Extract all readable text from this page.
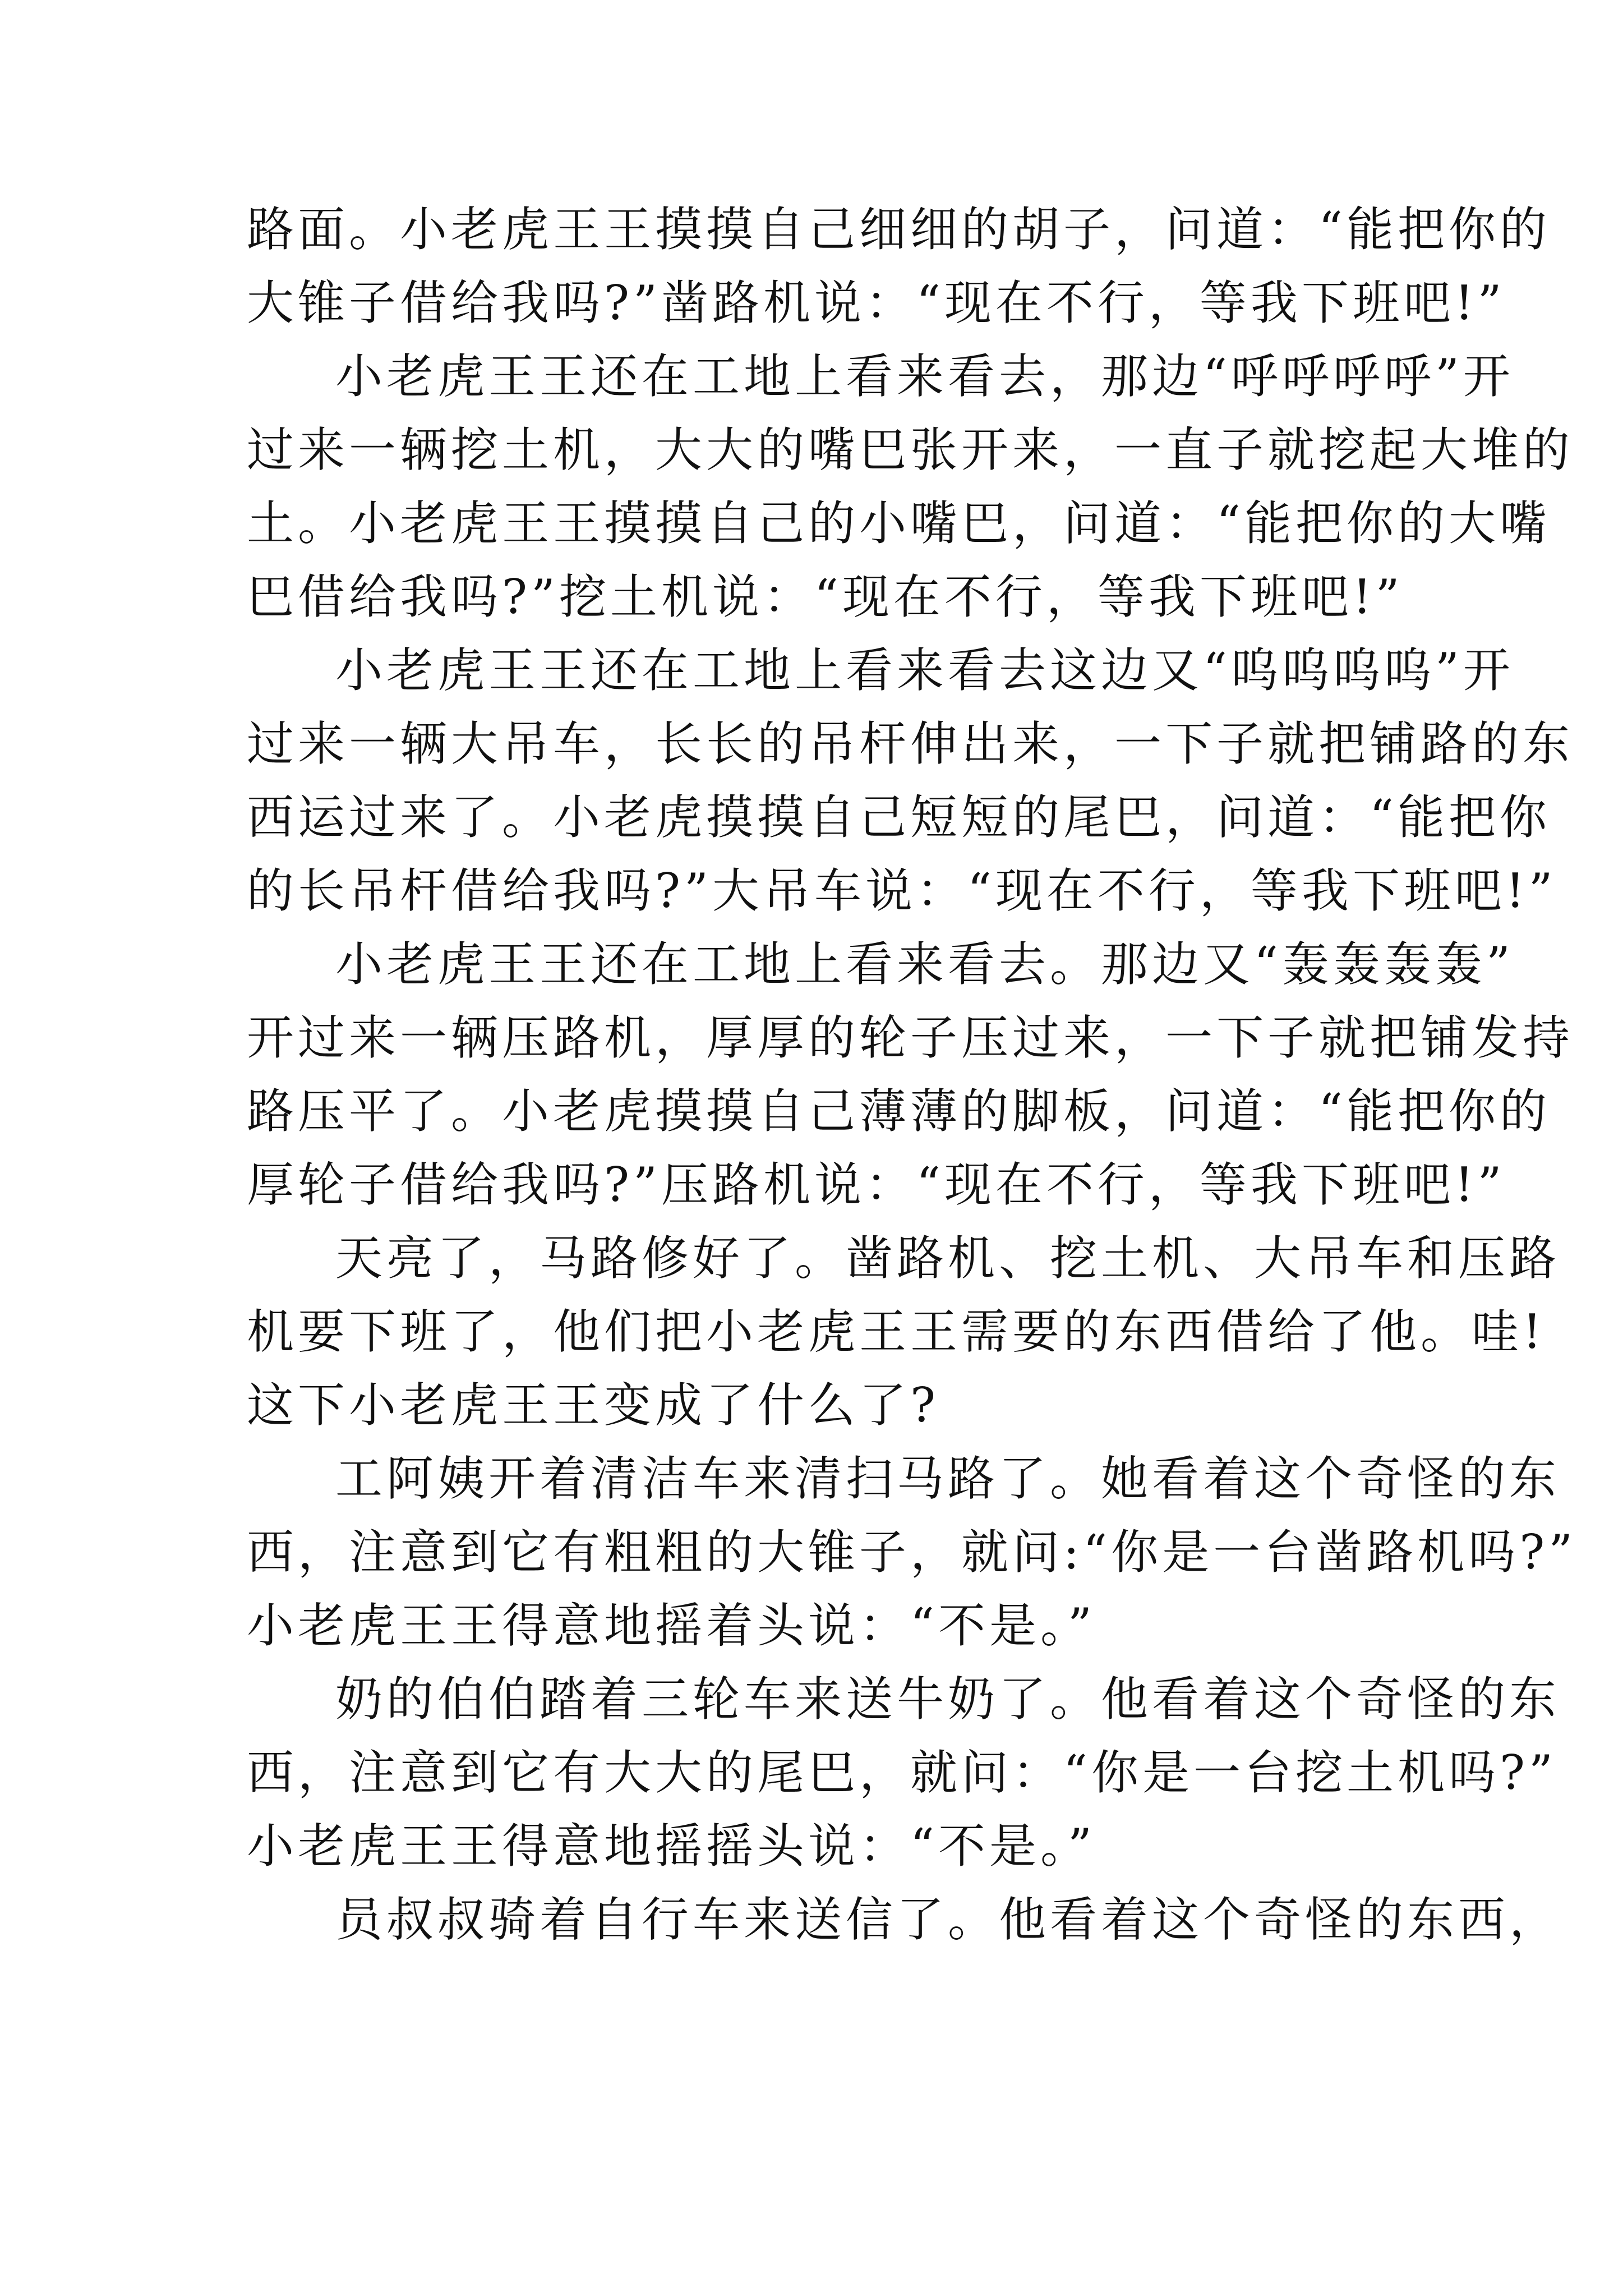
路面。小老虎王王摸摸自己细细的胡子，问道：“能把你的
大锥子借给我吗?”凿路机说：“现在不行，等我下班吧!”
小老虎王王还在工地上看来看去，那边“呼呼呼呼”开
过来一辆挖土机，大大的嘴巴张开来，一直子就挖起大堆的
土。小老虎王王摸摸自己的小嘴巴，问道：“能把你的大嘴
巴借给我吗?”挖土机说：“现在不行，等我下班吧!”
小老虎王王还在工地上看来看去这边又“呜呜呜呜”开
过来一辆大吊车，长长的吊杆伸出来，一下子就把铺路的东
西运过来了。小老虎摸摸自己短短的尾巴，问道：“能把你
的长吊杆借给我吗?”大吊车说：“现在不行，等我下班吧!”
小老虎王王还在工地上看来看去。那边又“轰轰轰轰”
开过来一辆压路机，厚厚的轮子压过来，一下子就把铺发持
路压平了。小老虎摸摸自己薄薄的脚板，问道：“能把你的
厚轮子借给我吗?”压路机说：“现在不行，等我下班吧!”
天亮了，马路修好了。凿路机、挖土机、大吊车和压路
机要下班了，他们把小老虎王王需要的东西借给了他。哇!
这下小老虎王王变成了什么了?
工阿姨开着清洁车来清扫马路了。她看着这个奇怪的东
西，注意到它有粗粗的大锥子，就问:“你是一台凿路机吗?”
小老虎王王得意地摇着头说：“不是。”
奶的伯伯踏着三轮车来送牛奶了。他看着这个奇怪的东
西，注意到它有大大的尾巴，就问：“你是一台挖土机吗?”
小老虎王王得意地摇摇头说：“不是。”
员叔叔骑着自行车来送信了。他看着这个奇怪的东西，
